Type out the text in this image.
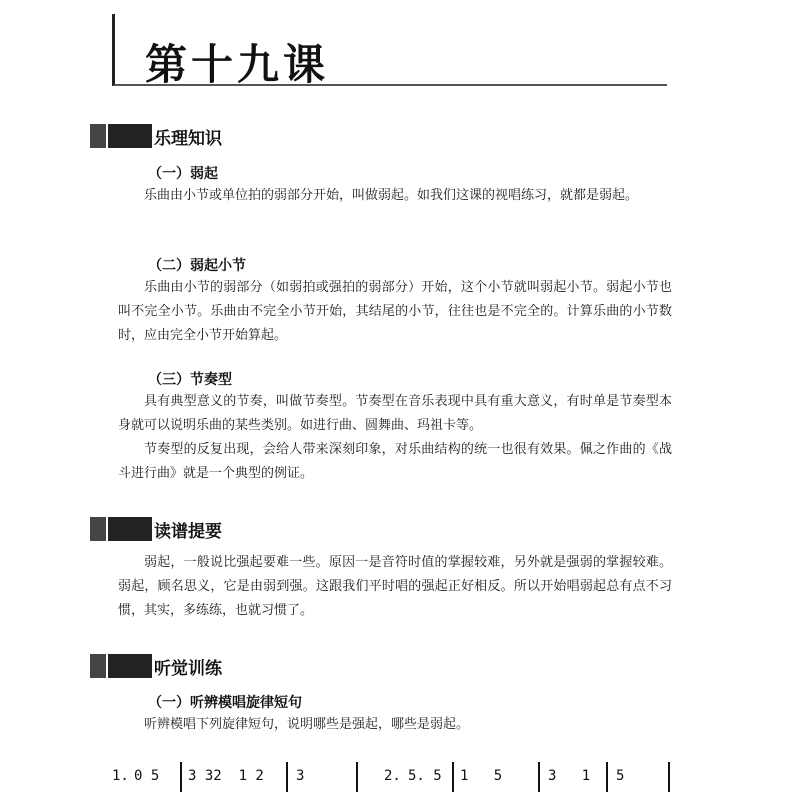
第十九课
乐理知识
（一）弱起

乐曲由小节或单位拍的弱部分开始，叫做弱起。如我们这课的视唱练习，就都是弱起。

（二）弱起小节

乐曲由小节的弱部分（如弱拍或强拍的弱部分）开始，这个小节就叫弱起小节。弱起小节也叫不完全小节。乐曲由不完全小节开始，其结尾的小节，往往也是不完全的。计算乐曲的小节数时，应由完全小节开始算起。

（三）节奏型

具有典型意义的节奏，叫做节奏型。节奏型在音乐表现中具有重大意义，有时单是节奏型本身就可以说明乐曲的某些类别。如进行曲、圆舞曲、玛祖卡等。

节奏型的反复出现，会给人带来深刻印象，对乐曲结构的统一也很有效果。佩之作曲的《战斗进行曲》就是一个典型的例证。

读谱提要

弱起，一般说比强起要难一些。原因一是音符时值的掌握较难，另外就是强弱的掌握较难。弱起，顾名思义，它是由弱到强。这跟我们平时唱的强起正好相反。所以开始唱弱起总有点不习惯，其实，多练练，也就习惯了。

听觉训练
（一）听辨模唱旋律短句

听辨模唱下列旋律短句，说明哪些是强起，哪些是弱起。

1. 0 5 3 32  1 2 3	2. 5. 5 1   5	3   1 5
